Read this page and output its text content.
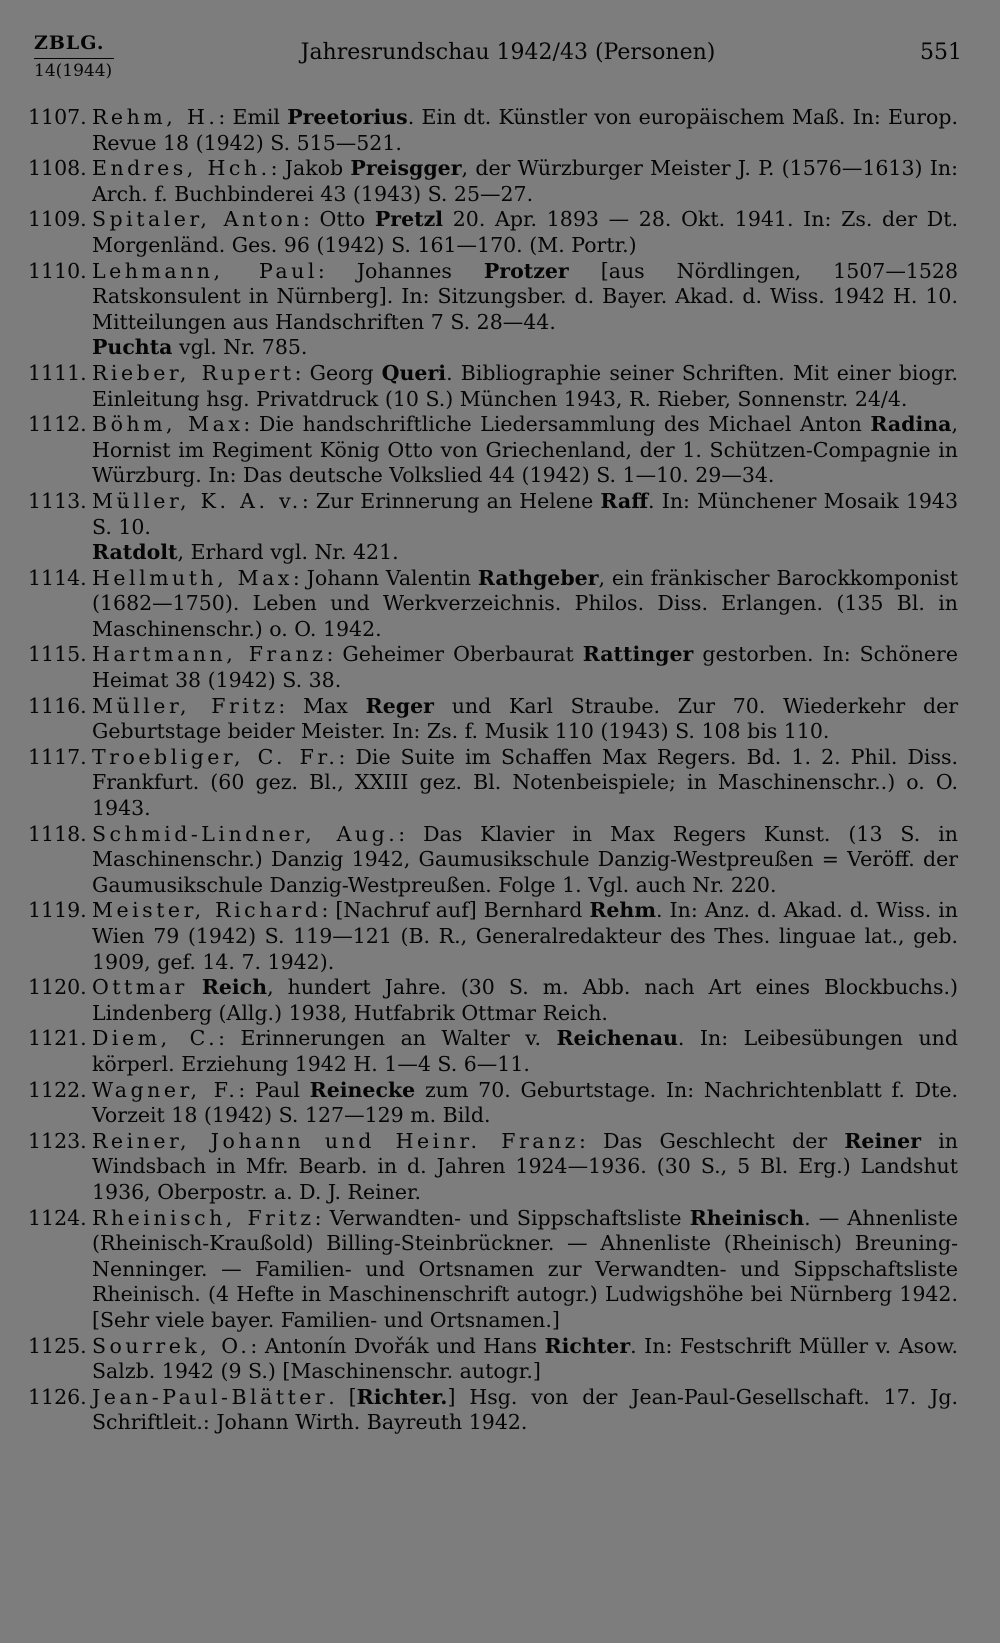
ZBLG.
14(1944)
Jahresrundschau 1942/43 (Personen)	551
1107. Rehm, H.: Emil Preetorius. Ein dt. Künstler von europäischem Maß. In: Europ. Revue 18 (1942) S. 515—521.
1108. Endres, Hch.: Jakob Preisgger, der Würzburger Meister J. P. (1576—1613) In: Arch. f. Buchbinderei 43 (1943) S. 25—27.
1109. Spitaler, Anton: Otto Pretzl 20. Apr. 1893 — 28. Okt. 1941. In: Zs. der Dt. Morgenländ. Ges. 96 (1942) S. 161—170. (M. Portr.)
1110. Lehmann, Paul: Johannes Protzer [aus Nördlingen, 1507—1528 Ratskonsulent in Nürnberg]. In: Sitzungsber. d. Bayer. Akad. d. Wiss. 1942 H. 10. Mitteilungen aus Handschriften 7 S. 28—44.
Puchta vgl. Nr. 785.
1111. Rieber, Rupert: Georg Queri. Bibliographie seiner Schriften. Mit einer biogr. Einleitung hsg. Privatdruck (10 S.) München 1943, R. Rieber, Sonnenstr. 24/4.
1112. Böhm, Max: Die handschriftliche Liedersammlung des Michael Anton Radina, Hornist im Regiment König Otto von Griechenland, der 1. Schützen-Compagnie in Würzburg. In: Das deutsche Volkslied 44 (1942) S. 1—10. 29—34.
1113. Müller, K. A. v.: Zur Erinnerung an Helene Raff. In: Münchener Mosaik 1943 S. 10.
Ratdolt, Erhard vgl. Nr. 421.
1114. Hellmuth, Max: Johann Valentin Rathgeber, ein fränkischer Barockkomponist (1682—1750). Leben und Werkverzeichnis. Philos. Diss. Erlangen. (135 Bl. in Maschinenschr.) o. O. 1942.
1115. Hartmann, Franz: Geheimer Oberbaurat Rattinger gestorben. In: Schönere Heimat 38 (1942) S. 38.
1116. Müller, Fritz: Max Reger und Karl Straube. Zur 70. Wiederkehr der Geburtstage beider Meister. In: Zs. f. Musik 110 (1943) S. 108 bis 110.
1117. Troebliger, C. Fr.: Die Suite im Schaffen Max Regers. Bd. 1. 2. Phil. Diss. Frankfurt. (60 gez. Bl., XXIII gez. Bl. Notenbeispiele; in Maschinenschr..) o. O. 1943.
1118. Schmid-Lindner, Aug.: Das Klavier in Max Regers Kunst. (13 S. in Maschinenschr.) Danzig 1942, Gaumusikschule Danzig-Westpreußen = Veröff. der Gaumusikschule Danzig-Westpreußen. Folge 1. Vgl. auch Nr. 220.
1119. Meister, Richard: [Nachruf auf] Bernhard Rehm. In: Anz. d. Akad. d. Wiss. in Wien 79 (1942) S. 119—121 (B. R., Generalredakteur des Thes. linguae lat., geb. 1909, gef. 14. 7. 1942).
1120. Ottmar Reich, hundert Jahre. (30 S. m. Abb. nach Art eines Blockbuchs.) Lindenberg (Allg.) 1938, Hutfabrik Ottmar Reich.
1121. Diem, C.: Erinnerungen an Walter v. Reichenau. In: Leibesübungen und körperl. Erziehung 1942 H. 1—4 S. 6—11.
1122. Wagner, F.: Paul Reinecke zum 70. Geburtstage. In: Nachrichtenblatt f. Dte. Vorzeit 18 (1942) S. 127—129 m. Bild.
1123. Reiner, Johann und Heinr. Franz: Das Geschlecht der Reiner in Windsbach in Mfr. Bearb. in d. Jahren 1924—1936. (30 S., 5 Bl. Erg.) Landshut 1936, Oberpostr. a. D. J. Reiner.
1124. Rheinisch, Fritz: Verwandten- und Sippschaftsliste Rheinisch. — Ahnenliste (Rheinisch-Kraußold) Billing-Steinbrückner. — Ahnenliste (Rheinisch) Breuning-Nenninger. — Familien- und Ortsnamen zur Verwandten- und Sippschaftsliste Rheinisch. (4 Hefte in Maschinenschrift autogr.) Ludwigshöhe bei Nürnberg 1942. [Sehr viele bayer. Familien- und Ortsnamen.]
1125. Sourrek, O.: Antonín Dvořák und Hans Richter. In: Festschrift Müller v. Asow. Salzb. 1942 (9 S.) [Maschinenschr. autogr.]
1126. Jean-Paul-Blätter. [Richter.] Hsg. von der Jean-Paul-Gesellschaft. 17. Jg. Schriftleit.: Johann Wirth. Bayreuth 1942.
